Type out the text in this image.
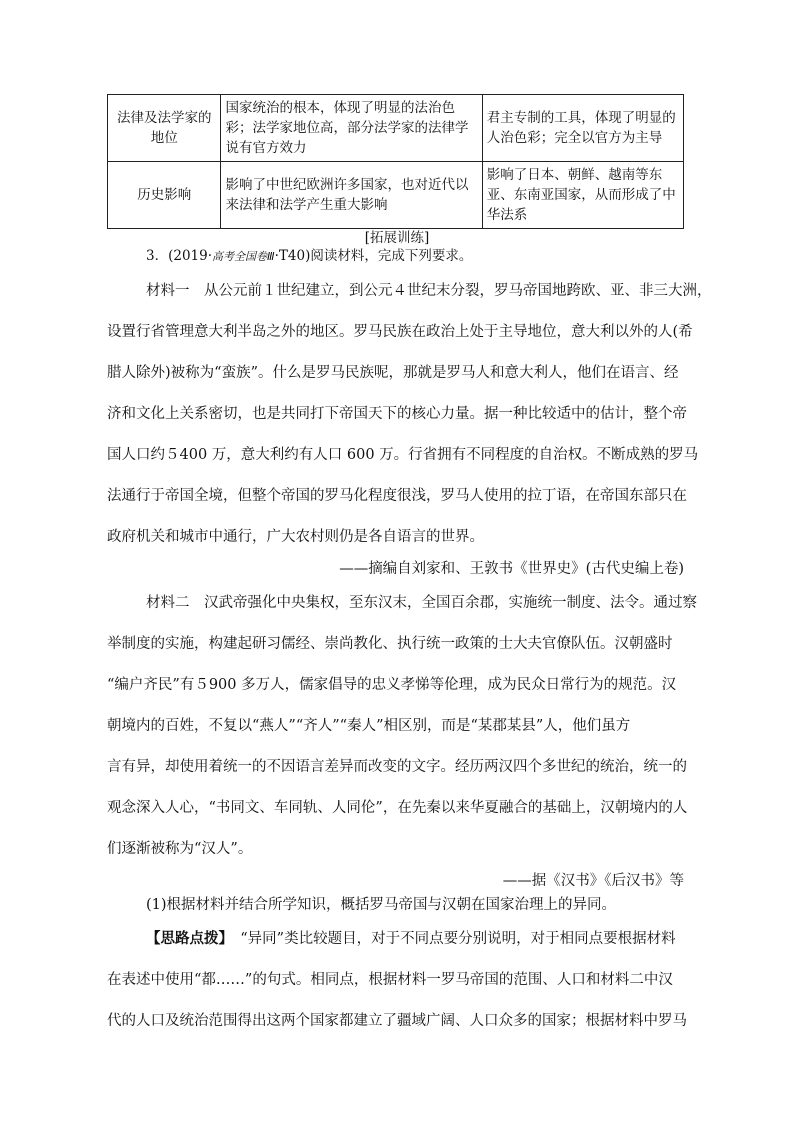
法律及法学家的地位	国家统治的根本，体现了明显的法治色彩；法学家地位高，部分法学家的法律学说有官方效力	君主专制的工具，体现了明显的人治色彩；完全以官方为主导
历史影响	影响了中世纪欧洲许多国家，也对近代以来法律和法学产生重大影响	影响了日本、朝鲜、越南等东亚、东南亚国家，从而形成了中华法系
[拓展训练]
3．(2019·高考全国卷Ⅲ·T40)阅读材料，完成下列要求。
材料一　从公元前１世纪建立，到公元４世纪末分裂，罗马帝国地跨欧、亚、非三大洲，
设置行省管理意大利半岛之外的地区。罗马民族在政治上处于主导地位，意大利以外的人(希
腊人除外)被称为“蛮族”。什么是罗马民族呢，那就是罗马人和意大利人，他们在语言、经
济和文化上关系密切，也是共同打下帝国天下的核心力量。据一种比较适中的估计，整个帝
国人口约５400 万，意大利约有人口 600 万。行省拥有不同程度的自治权。不断成熟的罗马
法通行于帝国全境，但整个帝国的罗马化程度很浅，罗马人使用的拉丁语，在帝国东部只在
政府机关和城市中通行，广大农村则仍是各自语言的世界。
——摘编自刘家和、王敦书《世界史》(古代史编上卷)
材料二　汉武帝强化中央集权，至东汉末，全国百余郡，实施统一制度、法令。通过察
举制度的实施，构建起研习儒经、崇尚教化、执行统一政策的士大夫官僚队伍。汉朝盛时
“编户齐民”有５900 多万人，儒家倡导的忠义孝悌等伦理，成为民众日常行为的规范。汉
朝境内的百姓，不复以“燕人”“齐人”“秦人”相区别，而是“某郡某县”人，他们虽方
言有异，却使用着统一的不因语言差异而改变的文字。经历两汉四个多世纪的统治，统一的
观念深入人心，“书同文、车同轨、人同伦”，在先秦以来华夏融合的基础上，汉朝境内的人
们逐渐被称为“汉人”。
——据《汉书》《后汉书》等
(1)根据材料并结合所学知识，概括罗马帝国与汉朝在国家治理上的异同。
【思路点拨】　“异同”类比较题目，对于不同点要分别说明，对于相同点要根据材料
在表述中使用“都……”的句式。相同点，根据材料一罗马帝国的范围、人口和材料二中汉
代的人口及统治范围得出这两个国家都建立了疆域广阔、人口众多的国家；根据材料中罗马
